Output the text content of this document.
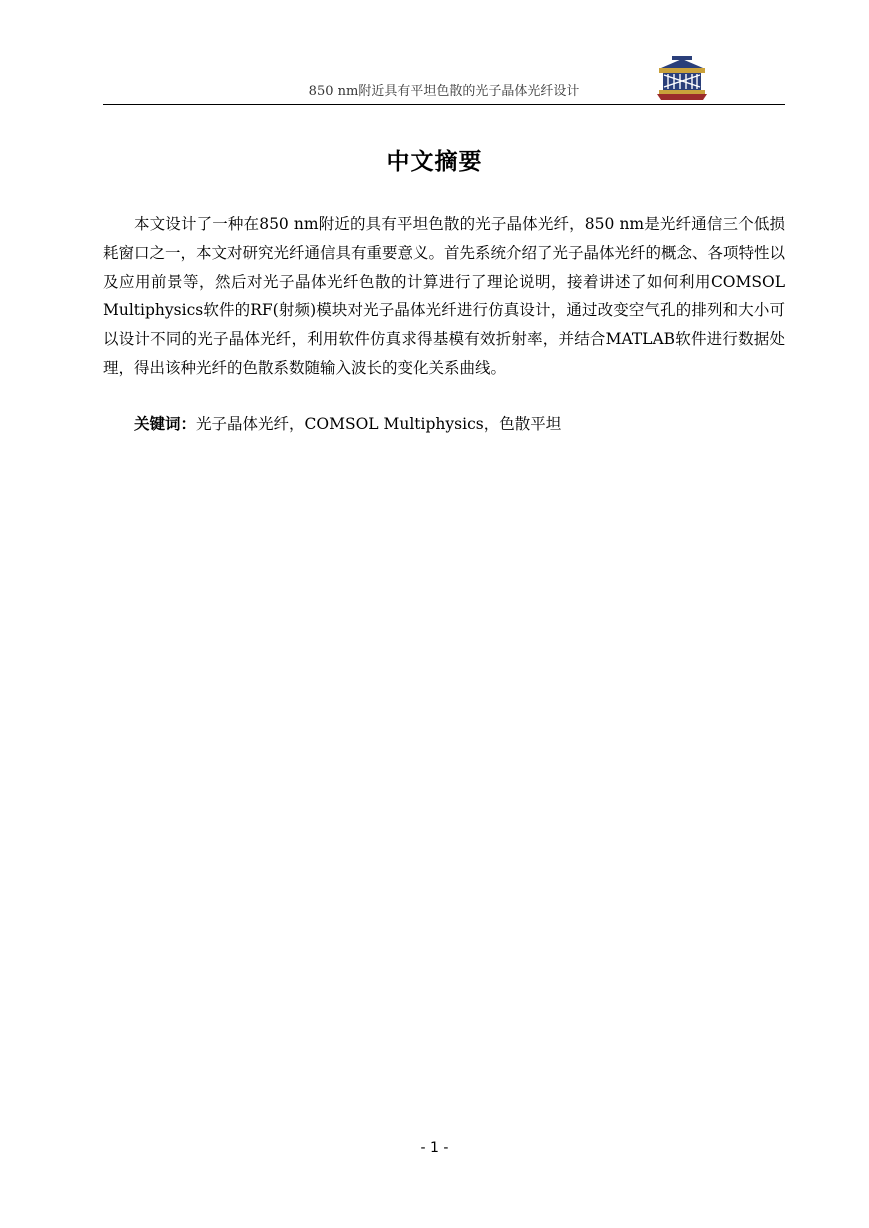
850 nm附近具有平坦色散的光子晶体光纤设计
中文摘要

本文设计了一种在850 nm附近的具有平坦色散的光子晶体光纤，850 nm是光纤通信三个低损耗窗口之一，本文对研究光纤通信具有重要意义。首先系统介绍了光子晶体光纤的概念、各项特性以及应用前景等，然后对光子晶体光纤色散的计算进行了理论说明，接着讲述了如何利用COMSOL Multiphysics软件的RF(射频)模块对光子晶体光纤进行仿真设计，通过改变空气孔的排列和大小可以设计不同的光子晶体光纤，利用软件仿真求得基模有效折射率，并结合MATLAB软件进行数据处理，得出该种光纤的色散系数随输入波长的变化关系曲线。

关键词：光子晶体光纤，COMSOL Multiphysics，色散平坦
- 1 -
